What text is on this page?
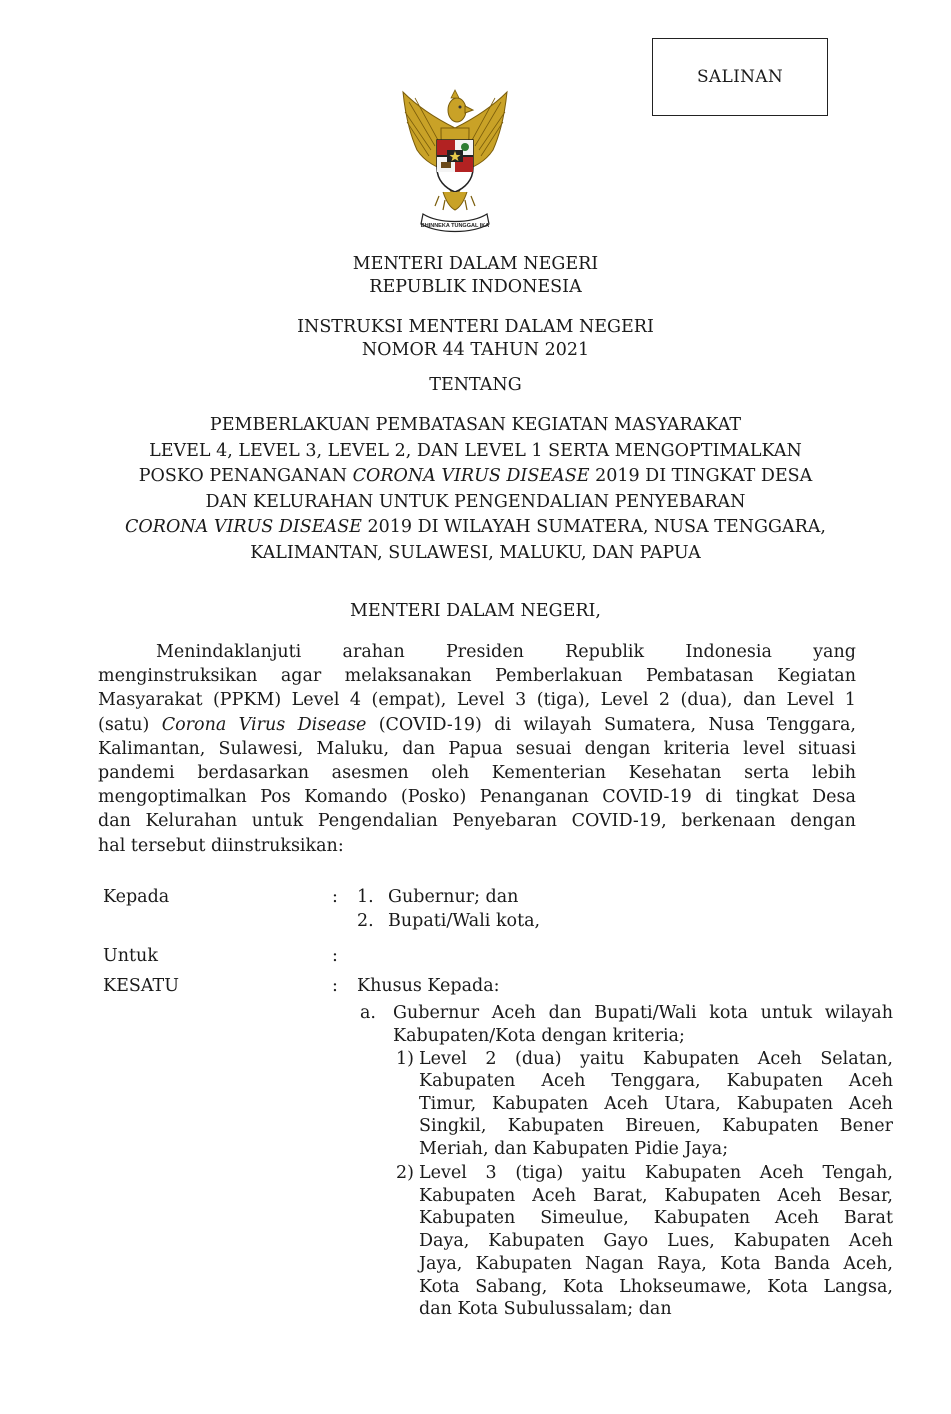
SALINAN
BHINNEKA TUNGGAL IKA
MENTERI DALAM NEGERI
REPUBLIK INDONESIA
INSTRUKSI MENTERI DALAM NEGERI
NOMOR 44 TAHUN 2021
TENTANG
PEMBERLAKUAN PEMBATASAN KEGIATAN MASYARAKAT
LEVEL 4, LEVEL 3, LEVEL 2, DAN LEVEL 1 SERTA MENGOPTIMALKAN
POSKO PENANGANAN CORONA VIRUS DISEASE 2019 DI TINGKAT DESA
DAN KELURAHAN UNTUK PENGENDALIAN PENYEBARAN
CORONA VIRUS DISEASE 2019 DI WILAYAH SUMATERA, NUSA TENGGARA,
KALIMANTAN, SULAWESI, MALUKU, DAN PAPUA
MENTERI DALAM NEGERI,
Menindaklanjuti arahan Presiden Republik Indonesia yang
menginstruksikan agar melaksanakan Pemberlakuan Pembatasan Kegiatan
Masyarakat (PPKM) Level 4 (empat), Level 3 (tiga), Level 2 (dua), dan Level 1
(satu) Corona Virus Disease (COVID-19) di wilayah Sumatera, Nusa Tenggara,
Kalimantan, Sulawesi, Maluku, dan Papua sesuai dengan kriteria level situasi
pandemi berdasarkan asesmen oleh Kementerian Kesehatan serta lebih
mengoptimalkan Pos Komando (Posko) Penanganan COVID-19 di tingkat Desa
dan Kelurahan untuk Pengendalian Penyebaran COVID-19, berkenaan dengan
hal tersebut diinstruksikan:
Kepada	: 1. Gubernur; dan
2. Bupati/Wali kota,
Untuk	:
KESATU	: Khusus Kepada:
a. Gubernur Aceh dan Bupati/Wali kota untuk wilayah
Kabupaten/Kota dengan kriteria;
1) Level 2 (dua) yaitu Kabupaten Aceh Selatan,
Kabupaten Aceh Tenggara, Kabupaten Aceh
Timur, Kabupaten Aceh Utara, Kabupaten Aceh
Singkil, Kabupaten Bireuen, Kabupaten Bener
Meriah, dan Kabupaten Pidie Jaya;
2) Level 3 (tiga) yaitu Kabupaten Aceh Tengah,
Kabupaten Aceh Barat, Kabupaten Aceh Besar,
Kabupaten Simeulue, Kabupaten Aceh Barat
Daya, Kabupaten Gayo Lues, Kabupaten Aceh
Jaya, Kabupaten Nagan Raya, Kota Banda Aceh,
Kota Sabang, Kota Lhokseumawe, Kota Langsa,
dan Kota Subulussalam; dan
